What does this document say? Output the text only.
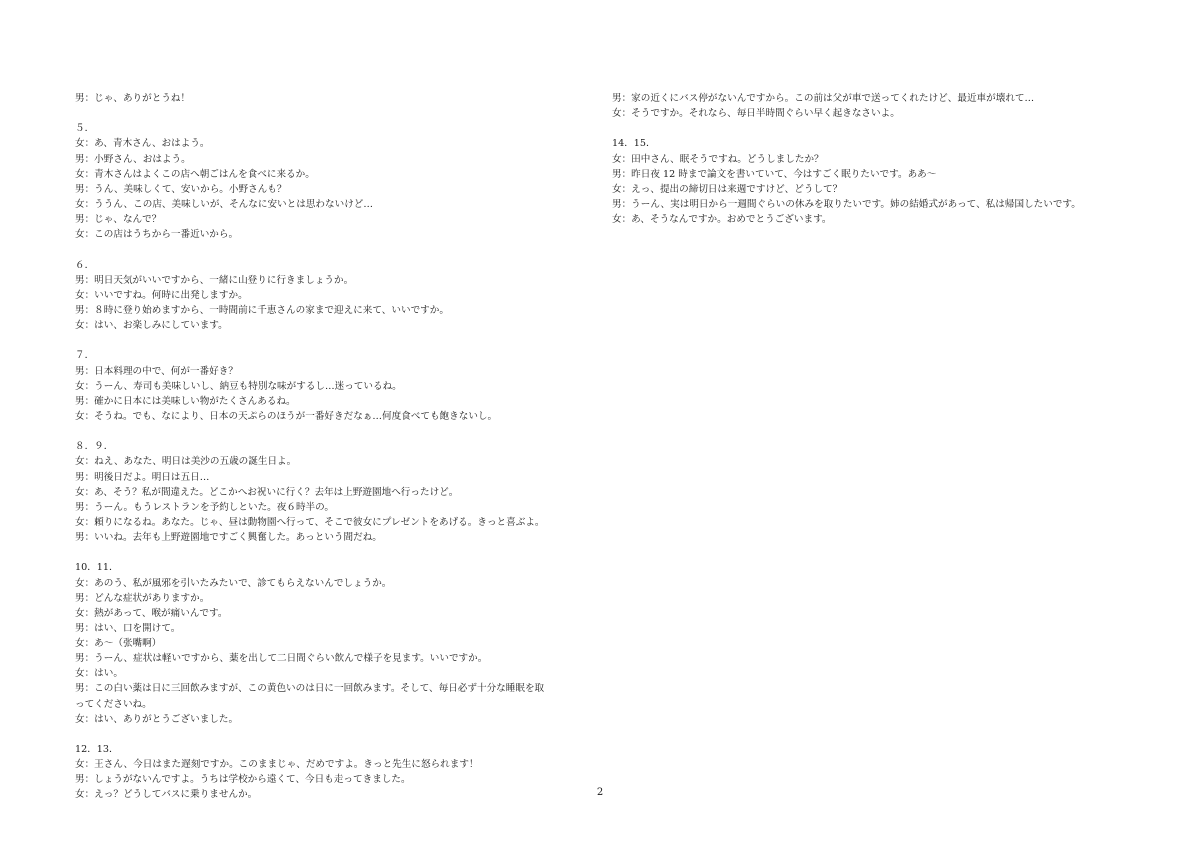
男：じゃ、ありがとうね！
５．
女：あ、青木さん、おはよう。
男：小野さん、おはよう。
女：青木さんはよくこの店へ朝ごはんを食べに来るか。
男：うん、美味しくて、安いから。小野さんも？
女：ううん、この店、美味しいが、そんなに安いとは思わないけど…
男：じゃ、なんで？
女：この店はうちから一番近いから。
６．
男：明日天気がいいですから、一緒に山登りに行きましょうか。
女：いいですね。何時に出発しますか。
男：８時に登り始めますから、一時間前に千恵さんの家まで迎えに来て、いいですか。
女：はい、お楽しみにしています。
７．
男：日本料理の中で、何が一番好き？
女：うーん、寿司も美味しいし、納豆も特別な味がするし…迷っているね。
男：確かに日本には美味しい物がたくさんあるね。
女：そうね。でも、なにより、日本の天ぷらのほうが一番好きだなぁ…何度食べても飽きないし。
８．９．
女：ねえ、あなた、明日は美沙の五歳の誕生日よ。
男：明後日だよ。明日は五日…
女：あ、そう？私が間違えた。どこかへお祝いに行く？去年は上野遊園地へ行ったけど。
男：うーん。もうレストランを予約しといた。夜６時半の。
女：頼りになるね。あなた。じゃ、昼は動物園へ行って、そこで彼女にプレゼントをあげる。きっと喜ぶよ。
男：いいね。去年も上野遊園地ですごく興奮した。あっという間だね。
10．11．
女：あのう、私が風邪を引いたみたいで、診てもらえないんでしょうか。
男：どんな症状がありますか。
女：熱があって、喉が痛いんです。
男：はい、口を開けて。
女：あ～（张嘴啊）
男：うーん、症状は軽いですから、薬を出して二日間ぐらい飲んで様子を見ます。いいですか。
女：はい。
男：この白い薬は日に三回飲みますが、この黄色いのは日に一回飲みます。そして、毎日必ず十分な睡眠を取
ってくださいね。
女：はい、ありがとうございました。
12．13．
女：王さん、今日はまた遅刻ですか。このままじゃ、だめですよ。きっと先生に怒られます！
男：しょうがないんですよ。うちは学校から遠くて、今日も走ってきました。
女：えっ？どうしてバスに乗りませんか。
男：家の近くにバス停がないんですから。この前は父が車で送ってくれたけど、最近車が壊れて…
女：そうですか。それなら、毎日半時間ぐらい早く起きなさいよ。
14．15．
女：田中さん、眠そうですね。どうしましたか？
男：昨日夜 12 時まで論文を書いていて、今はすごく眠りたいです。ああ～
女：えっ、提出の締切日は来週ですけど、どうして？
男：うーん、実は明日から一週間ぐらいの休みを取りたいです。姉の結婚式があって、私は帰国したいです。
女：あ、そうなんですか。おめでとうございます。
2
